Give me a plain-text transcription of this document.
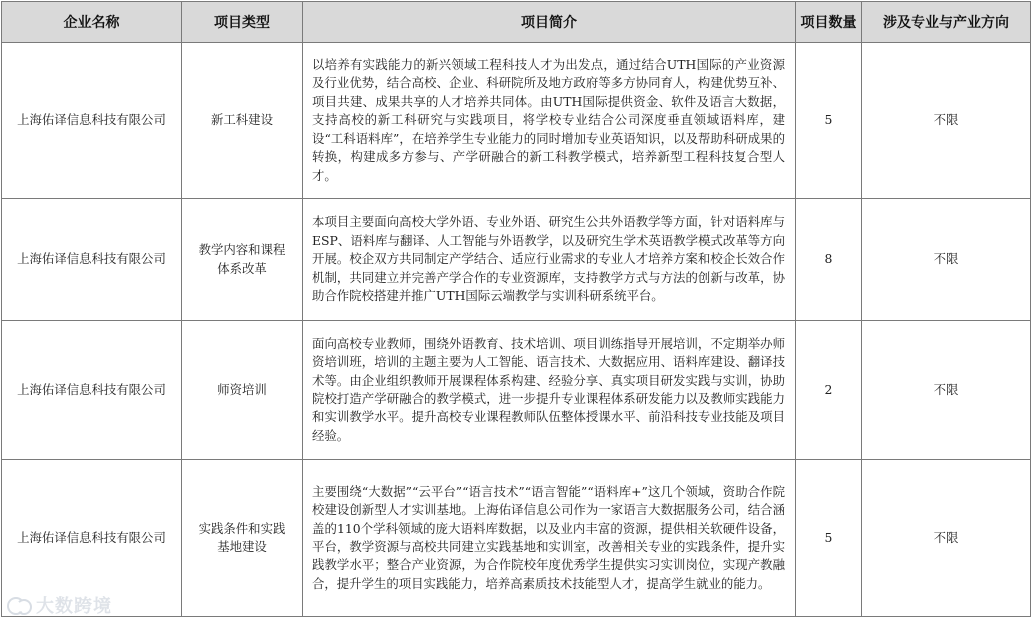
企业名称	项目类型	项目简介	项目数量	涉及专业与产业方向
上海佑译信息科技有限公司	新工科建设	以培养有实践能力的新兴领域工程科技人才为出发点，通过结合UTH国际的产业资源及行业优势，结合高校、企业、科研院所及地方政府等多方协同育人，构建优势互补、项目共建、成果共享的人才培养共同体。由UTH国际提供资金、软件及语言大数据，支持高校的新工科研究与实践项目，将学校专业结合公司深度垂直领域语料库，建设“工科语料库”，在培养学生专业能力的同时增加专业英语知识，以及帮助科研成果的转换，构建成多方参与、产学研融合的新工科教学模式，培养新型工程科技复合型人才。	5	不限
上海佑译信息科技有限公司	教学内容和课程体系改革	本项目主要面向高校大学外语、专业外语、研究生公共外语教学等方面，针对语料库与ESP、语料库与翻译、人工智能与外语教学，以及研究生学术英语教学模式改革等方向开展。校企双方共同制定产学结合、适应行业需求的专业人才培养方案和校企长效合作机制，共同建立并完善产学合作的专业资源库，支持教学方式与方法的创新与改革，协助合作院校搭建并推广UTH国际云端教学与实训科研系统平台。	8	不限
上海佑译信息科技有限公司	师资培训	面向高校专业教师，围绕外语教育、技术培训、项目训练指导开展培训，不定期举办师资培训班，培训的主题主要为人工智能、语言技术、大数据应用、语料库建设、翻译技术等。由企业组织教师开展课程体系构建、经验分享、真实项目研发实践与实训，协助院校打造产学研融合的教学模式，进一步提升专业课程体系研发能力以及教师实践能力和实训教学水平。提升高校专业课程教师队伍整体授课水平、前沿科技专业技能及项目经验。	2	不限
上海佑译信息科技有限公司	实践条件和实践基地建设	主要围绕“大数据”“云平台”“语言技术”“语言智能”“语料库+”这几个领域，资助合作院校建设创新型人才实训基地。上海佑译信息公司作为一家语言大数据服务公司，结合涵盖的110个学科领域的庞大语料库数据，以及业内丰富的资源，提供相关软硬件设备，平台，教学资源与高校共同建立实践基地和实训室，改善相关专业的实践条件，提升实践教学水平；整合产业资源，为合作院校年度优秀学生提供实习实训岗位，实现产教融合，提升学生的项目实践能力，培养高素质技术技能型人才，提高学生就业的能力。	5	不限
大数跨境
